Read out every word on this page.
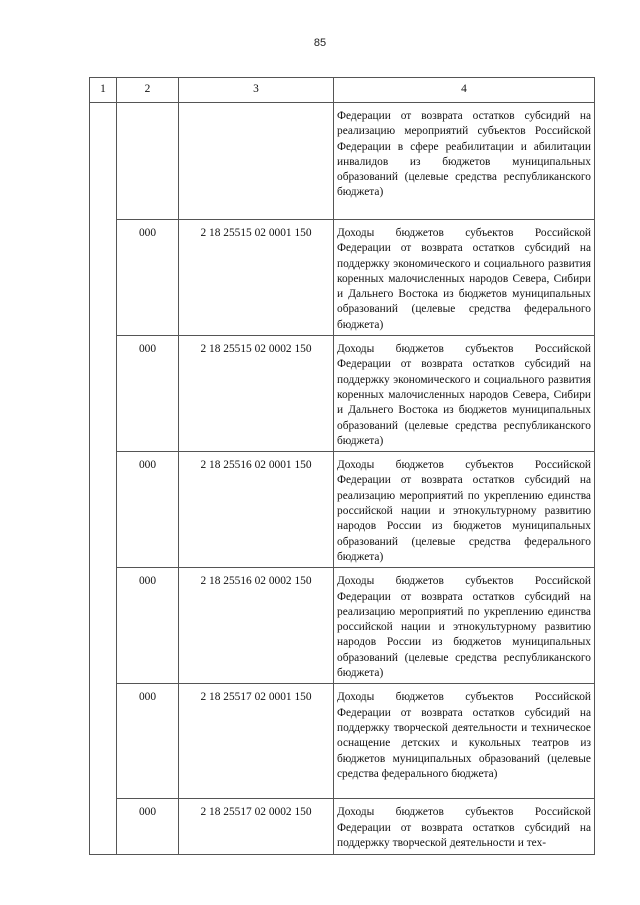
85
1	2	3	4
			Федерации от возврата остатков субсидий на реализацию мероприятий субъектов Российской Федерации в сфере реабилитации и абилитации инвалидов из бюджетов муниципальных образований (целевые средства республиканского бюджета)
	000	2 18 25515 02 0001 150	Доходы бюджетов субъектов Российской Федерации от возврата остатков субсидий на поддержку экономического и социального развития коренных малочисленных народов Севера, Сибири и Дальнего Востока из бюджетов муниципальных образований (целевые средства федерального бюджета)
	000	2 18 25515 02 0002 150	Доходы бюджетов субъектов Российской Федерации от возврата остатков субсидий на поддержку экономического и социального развития коренных малочисленных народов Севера, Сибири и Дальнего Востока из бюджетов муниципальных образований (целевые средства республиканского бюджета)
	000	2 18 25516 02 0001 150	Доходы бюджетов субъектов Российской Федерации от возврата остатков субсидий на реализацию мероприятий по укреплению единства российской нации и этнокультурному развитию народов России из бюджетов муниципальных образований (целевые средства федерального бюджета)
	000	2 18 25516 02 0002 150	Доходы бюджетов субъектов Российской Федерации от возврата остатков субсидий на реализацию мероприятий по укреплению единства российской нации и этнокультурному развитию народов России из бюджетов муниципальных образований (целевые средства республиканского бюджета)
	000	2 18 25517 02 0001 150	Доходы бюджетов субъектов Российской Федерации от возврата остатков субсидий на поддержку творческой деятельности и техническое оснащение детских и кукольных театров из бюджетов муниципальных образований (целевые средства федерального бюджета)
	000	2 18 25517 02 0002 150	Доходы бюджетов субъектов Российской Федерации от возврата остатков субсидий на поддержку творческой деятельности и тех-
